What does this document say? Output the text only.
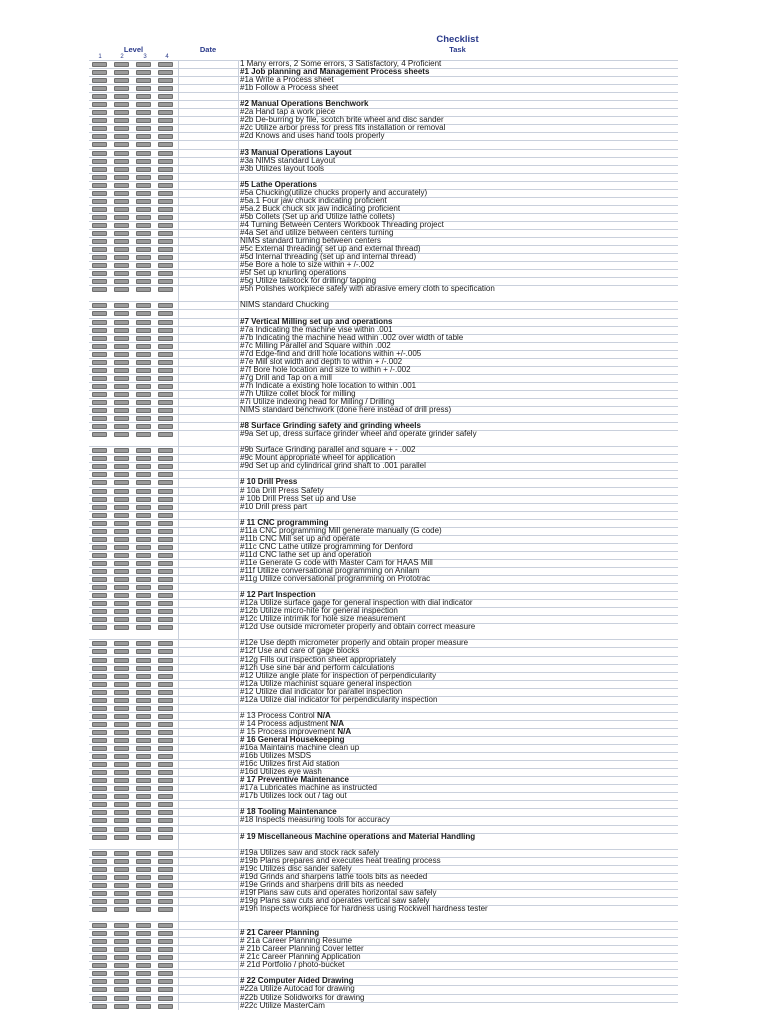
Checklist
Level	Date	Task
1	2	3	4
1 Many errors, 2 Some errors, 3 Satisfactory, 4 Proficient
#1 Job planning and Management Process sheets
#1a Write a Process sheet
#1b Follow a Process sheet
#2 Manual Operations Benchwork
#2a Hand tap a work piece
#2b De-burring by file, scotch brite wheel and disc sander
#2c Utilize arbor press for press fits installation or removal
#2d Knows and uses hand tools properly
#3 Manual Operations Layout
#3a NIMS standard Layout
#3b Utilizes layout tools
#5 Lathe Operations
#5a Chucking(utilize chucks properly and accurately)
#5a.1 Four jaw chuck indicating proficient
#5a.2 Buck chuck six jaw indicating proficient
#5b Collets (Set up and Utilize lathe collets)
#4 Turning Between Centers Workbook Threading project
#4a Set and utilize between centers turning
NIMS standard turning between centers
#5c External threading( set up and external thread)
#5d Internal threading (set up and internal thread)
#5e Bore a hole to size within + /-.002
#5f Set up knurling operations
#5g Utilize tailstock for drilling/ tapping
#5h Polishes workpiece safely with abrasive emery cloth to specification
NIMS standard Chucking
#7 Vertical Milling set up and operations
#7a Indicating the machine vise within .001
#7b Indicating the machine head within .002 over width of table
#7c Milling Parallel and Square within .002
#7d Edge-find and drill hole locations within +/-.005
#7e Mill slot width and depth to within + /-.002
#7f Bore hole location and size to within + /-.002
#7g Drill and Tap on a mill
#7h Indicate a existing hole location to within .001
#7h Utilize collet block for milling
#7i Utilize indexing head for Milling / Drilling
NIMS standard benchwork (done here instead of drill press)
#8 Surface Grinding safety and grinding wheels
#9a Set up, dress surface grinder wheel and operate grinder safely
#9b Surface Grinding parallel and square + - .002
#9c Mount appropriate wheel for application
#9d Set up and cylindrical grind shaft to .001 parallel
# 10 Drill Press
# 10a Drill Press Safety
# 10b Drill Press Set up and Use
#10 Drill press part
# 11 CNC programming
#11a CNC programming Mill generate manually (G code)
#11b CNC Mill set up and operate
#11c CNC Lathe utilize programming for Denford
#11d CNC lathe set up and operation
#11e Generate G code with Master Cam for HAAS Mill
#11f Utilize conversational programming on Anilam
#11g Utilize conversational programming on Prototrac
# 12 Part Inspection
#12a Utilize surface gage for general inspection with dial indicator
#12b Utilize micro-hite for general inspection
#12c Utilize intrimik for hole size measurement
#12d Use outside micrometer properly and obtain correct measure
#12e Use depth micrometer properly and obtain proper measure
#12f Use and care of gage blocks
#12g Fills out inspection sheet appropriately
#12h Use sine bar and perform calculations
#12 Utilize angle plate for inspection of perpendicularity
#12a Utilize machinist square general inspection
#12 Utilize dial indicator for parallel inspection
#12a Utilize dial indicator for perpendicularity inspection
# 13 Process Control N/A
# 14 Process adjustment N/A
# 15 Process improvement N/A
# 16 General Housekeeping
#16a Maintains machine clean up
#16b Utilizes MSDS
#16c Utilizes first Aid station
#16d Utilizes eye wash
# 17 Preventive Maintenance
#17a Lubricates machine as instructed
#17b Utilizes lock out / tag out
# 18 Tooling Maintenance
#18 Inspects measuring tools for accuracy
# 19 Miscellaneous Machine operations and Material Handling
#19a Utilizes saw and stock rack safely
#19b Plans prepares and executes heat treating process
#19c Utilizes disc sander safely
#19d Grinds and sharpens lathe tools bits as needed
#19e Grinds and sharpens drill bits as needed
#19f Plans saw cuts and operates horizontal saw safely
#19g Plans saw cuts and operates vertical saw safely
#19h Inspects workpiece for hardness using Rockwell hardness tester
# 21 Career Planning
# 21a Career Planning Resume
# 21b Career Planning Cover letter
# 21c Career Planning Application
# 21d Portfolio / photo-bucket
# 22 Computer Aided Drawing
#22a Utilize Autocad for drawing
#22b Utilize Solidworks for drawing
#22c Utilize MasterCam
